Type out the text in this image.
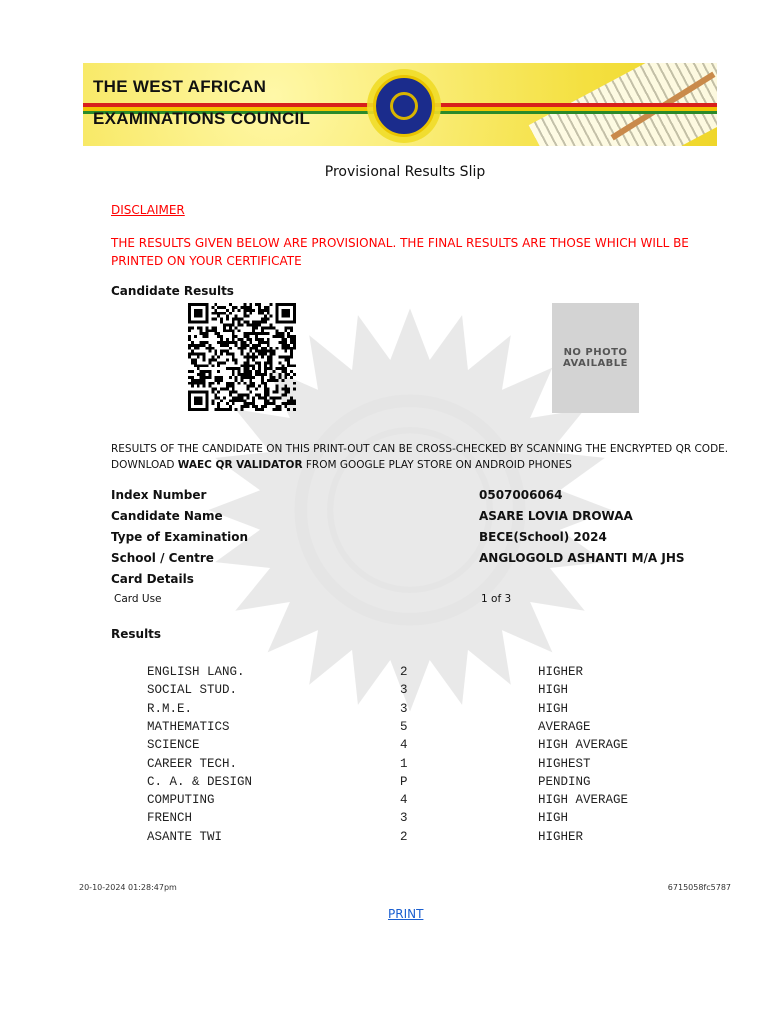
THE WEST AFRICAN
EXAMINATIONS COUNCIL
Provisional Results Slip
DISCLAIMER
THE RESULTS GIVEN BELOW ARE PROVISIONAL. THE FINAL RESULTS ARE THOSE WHICH WILL BE PRINTED ON YOUR CERTIFICATE
Candidate Results
NO PHOTO AVAILABLE
RESULTS OF THE CANDIDATE ON THIS PRINT-OUT CAN BE CROSS-CHECKED BY SCANNING THE ENCRYPTED QR CODE.
DOWNLOAD WAEC QR VALIDATOR FROM GOOGLE PLAY STORE ON ANDROID PHONES
Index Number	0507006064
Candidate Name	ASARE LOVIA DROWAA
Type of Examination	BECE(School) 2024
School / Centre	ANGLOGOLD ASHANTI M/A JHS
Card Details
Card Use	1 of 3
Results
ENGLISH LANG.	2	HIGHER
SOCIAL STUD.	3	HIGH
R.M.E.	3	HIGH
MATHEMATICS	5	AVERAGE
SCIENCE	4	HIGH AVERAGE
CAREER TECH.	1	HIGHEST
C. A. & DESIGN	P	PENDING
COMPUTING	4	HIGH AVERAGE
FRENCH	3	HIGH
ASANTE TWI	2	HIGHER
20-10-2024 01:28:47pm	6715058fc5787
PRINT
